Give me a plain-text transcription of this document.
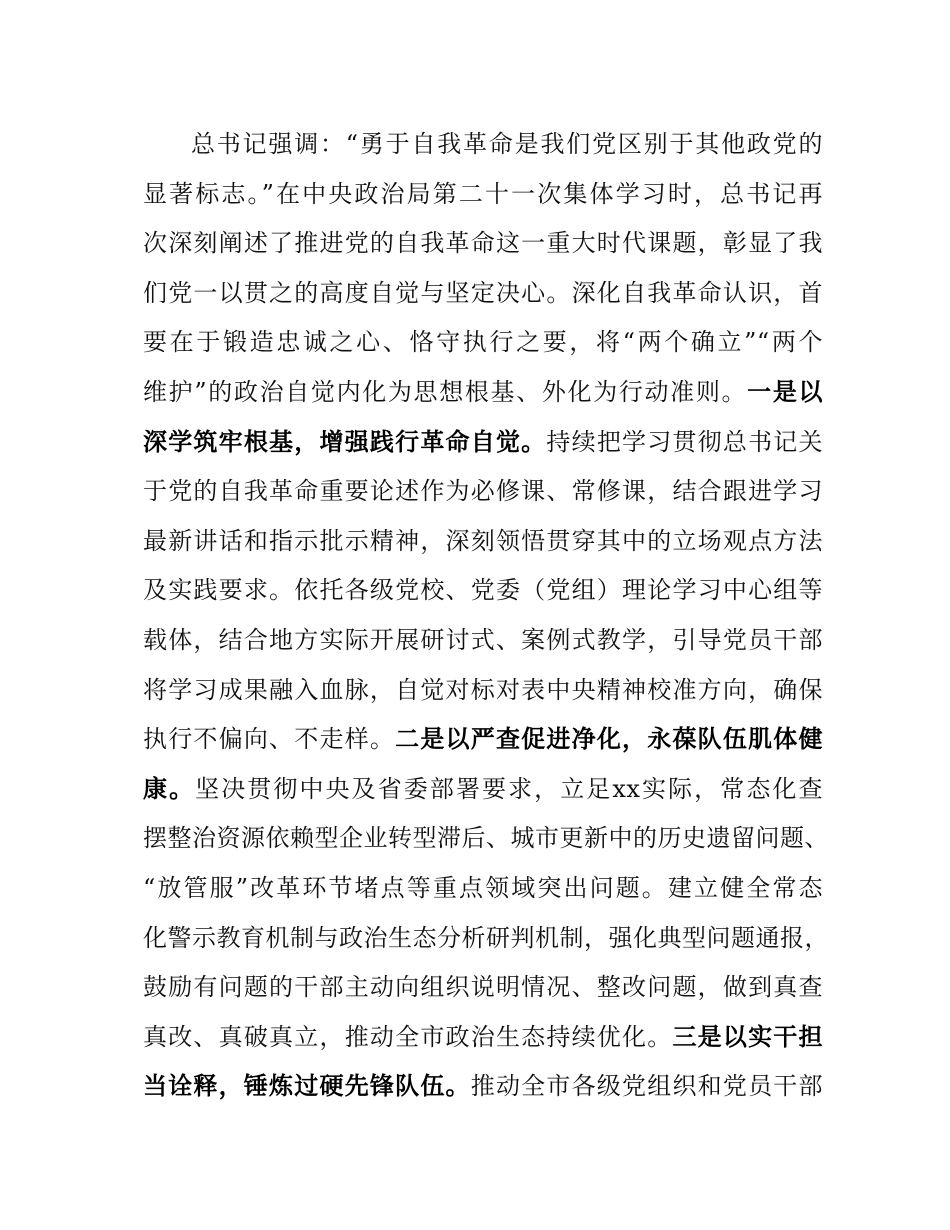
总书记强调：“勇于自我革命是我们党区别于其他政党的
显著标志。”在中央政治局第二十一次集体学习时，总书记再
次深刻阐述了推进党的自我革命这一重大时代课题，彰显了我
们党一以贯之的高度自觉与坚定决心。深化自我革命认识，首
要在于锻造忠诚之心、恪守执行之要，将“两个确立”“两个
维护”的政治自觉内化为思想根基、外化为行动准则。一是以
深学筑牢根基，增强践行革命自觉。持续把学习贯彻总书记关
于党的自我革命重要论述作为必修课、常修课，结合跟进学习
最新讲话和指示批示精神，深刻领悟贯穿其中的立场观点方法
及实践要求。依托各级党校、党委（党组）理论学习中心组等
载体，结合地方实际开展研讨式、案例式教学，引导党员干部
将学习成果融入血脉，自觉对标对表中央精神校准方向，确保
执行不偏向、不走样。二是以严查促进净化，永葆队伍肌体健
康。坚决贯彻中央及省委部署要求，立足xx实际，常态化查
摆整治资源依赖型企业转型滞后、城市更新中的历史遗留问题、
“放管服”改革环节堵点等重点领域突出问题。建立健全常态
化警示教育机制与政治生态分析研判机制，强化典型问题通报，
鼓励有问题的干部主动向组织说明情况、整改问题，做到真查
真改、真破真立，推动全市政治生态持续优化。三是以实干担
当诠释，锤炼过硬先锋队伍。推动全市各级党组织和党员干部
